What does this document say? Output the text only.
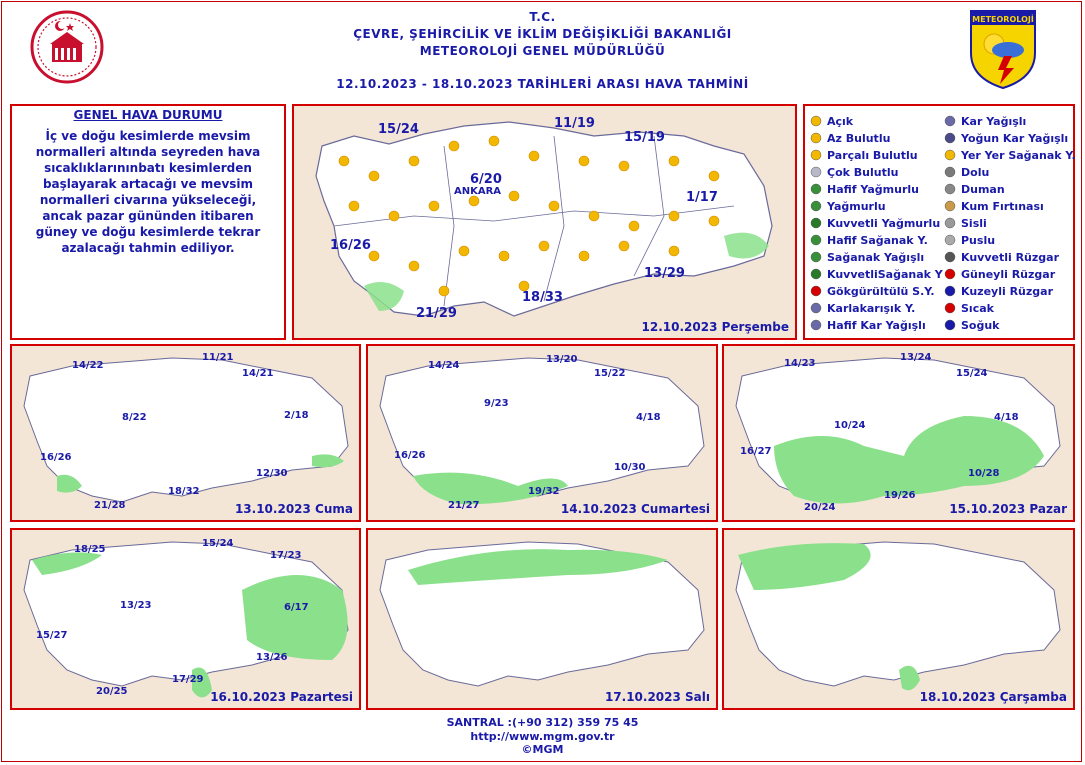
T.C.
ÇEVRE, ŞEHİRCİLİK VE İKLİM DEĞİŞİKLİĞİ BAKANLIĞI
METEOROLOJİ GENEL MÜDÜRLÜĞÜ
12.10.2023 - 18.10.2023 TARİHLERİ ARASI HAVA TAHMİNİ
METEOROLOJİ
GENEL HAVA DURUMU
İç ve doğu kesimlerde mevsim normalleri altında seyreden hava sıcaklıklarınınbatı kesimlerden başlayarak artacağı ve mevsim normalleri civarına yükseleceği, ancak pazar gününden itibaren güney ve doğu kesimlerde tekrar azalacağı tahmin ediliyor.
15/24	11/19
15/19
6/20
1/17
16/26
13/29
18/33
21/29
ANKARA
12.10.2023 Perşembe
Açık
Az Bulutlu
Parçalı Bulutlu
Çok Bulutlu
Hafif Yağmurlu
Yağmurlu
Kuvvetli Yağmurlu
Hafif Sağanak Y.
Sağanak Yağışlı
KuvvetliSağanak Y
Gökgürültülü S.Y.
Karlakarışık Y.
Hafif Kar Yağışlı
Kar Yağışlı
Yoğun Kar Yağışlı
Yer Yer Sağanak Y.
Dolu
Duman
Kum Fırtınası
Sisli
Puslu
Kuvvetli Rüzgar
Güneyli Rüzgar
Kuzeyli Rüzgar
Sıcak
Soğuk
14/22
11/21
14/21
8/22	2/18
16/26
12/30
18/32
21/28	13.10.2023 Cuma
14/24
13/20
15/22
9/23
4/18
16/26
10/30
19/32
21/27	14.10.2023 Cumartesi
14/23
13/24
15/24
10/24
4/18
16/27
10/28
19/26
20/24	15.10.2023 Pazar
18/25
15/24
17/23
13/23	6/17
15/27
13/26
17/29
20/25	16.10.2023 Pazartesi	17.10.2023 Salı	18.10.2023 Çarşamba
SANTRAL :(+90 312) 359 75 45
http://www.mgm.gov.tr
©MGM
